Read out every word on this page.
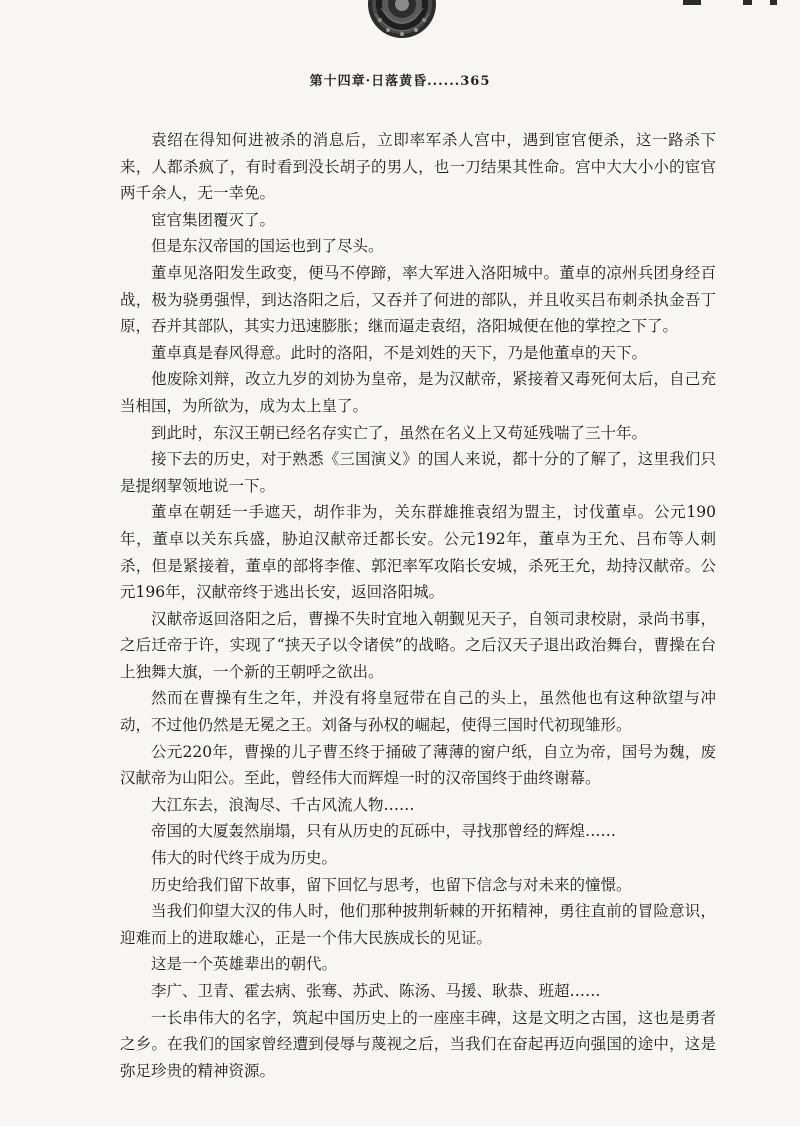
第十四章·日落黄昏......365

袁绍在得知何进被杀的消息后，立即率军杀人宫中，遇到宦官便杀，这一路杀下来，人都杀疯了，有时看到没长胡子的男人，也一刀结果其性命。宫中大大小小的宦官两千余人，无一幸免。

宦官集团覆灭了。

但是东汉帝国的国运也到了尽头。

董卓见洛阳发生政变，便马不停蹄，率大军进入洛阳城中。董卓的凉州兵团身经百战，极为骁勇强悍，到达洛阳之后，又吞并了何进的部队，并且收买吕布刺杀执金吾丁原，吞并其部队，其实力迅速膨胀；继而逼走袁绍，洛阳城便在他的掌控之下了。

董卓真是春风得意。此时的洛阳，不是刘姓的天下，乃是他董卓的天下。

他废除刘辩，改立九岁的刘协为皇帝，是为汉献帝，紧接着又毒死何太后，自己充当相国，为所欲为，成为太上皇了。

到此时，东汉王朝已经名存实亡了，虽然在名义上又苟延残喘了三十年。

接下去的历史，对于熟悉《三国演义》的国人来说，都十分的了解了，这里我们只是提纲挈领地说一下。

董卓在朝廷一手遮天，胡作非为，关东群雄推袁绍为盟主，讨伐董卓。公元190年，董卓以关东兵盛，胁迫汉献帝迁都长安。公元192年，董卓为王允、吕布等人刺杀，但是紧接着，董卓的部将李傕、郭汜率军攻陷长安城，杀死王允，劫持汉献帝。公元196年，汉献帝终于逃出长安，返回洛阳城。

汉献帝返回洛阳之后，曹操不失时宜地入朝觐见天子，自领司隶校尉，录尚书事，之后迁帝于许，实现了“挟天子以令诸侯”的战略。之后汉天子退出政治舞台，曹操在台上独舞大旗，一个新的王朝呼之欲出。

然而在曹操有生之年，并没有将皇冠带在自己的头上，虽然他也有这种欲望与冲动，不过他仍然是无冕之王。刘备与孙权的崛起，使得三国时代初现雏形。

公元220年，曹操的儿子曹丕终于捅破了薄薄的窗户纸，自立为帝，国号为魏，废汉献帝为山阳公。至此，曾经伟大而辉煌一时的汉帝国终于曲终谢幕。

大江东去，浪淘尽、千古风流人物……

帝国的大厦轰然崩塌，只有从历史的瓦砾中，寻找那曾经的辉煌……

伟大的时代终于成为历史。

历史给我们留下故事，留下回忆与思考，也留下信念与对未来的憧憬。

当我们仰望大汉的伟人时，他们那种披荆斩棘的开拓精神，勇往直前的冒险意识，迎难而上的进取雄心，正是一个伟大民族成长的见证。

这是一个英雄辈出的朝代。

李广、卫青、霍去病、张骞、苏武、陈汤、马援、耿恭、班超……

一长串伟大的名字，筑起中国历史上的一座座丰碑，这是文明之古国，这也是勇者之乡。在我们的国家曾经遭到侵辱与蔑视之后，当我们在奋起再迈向强国的途中，这是弥足珍贵的精神资源。
